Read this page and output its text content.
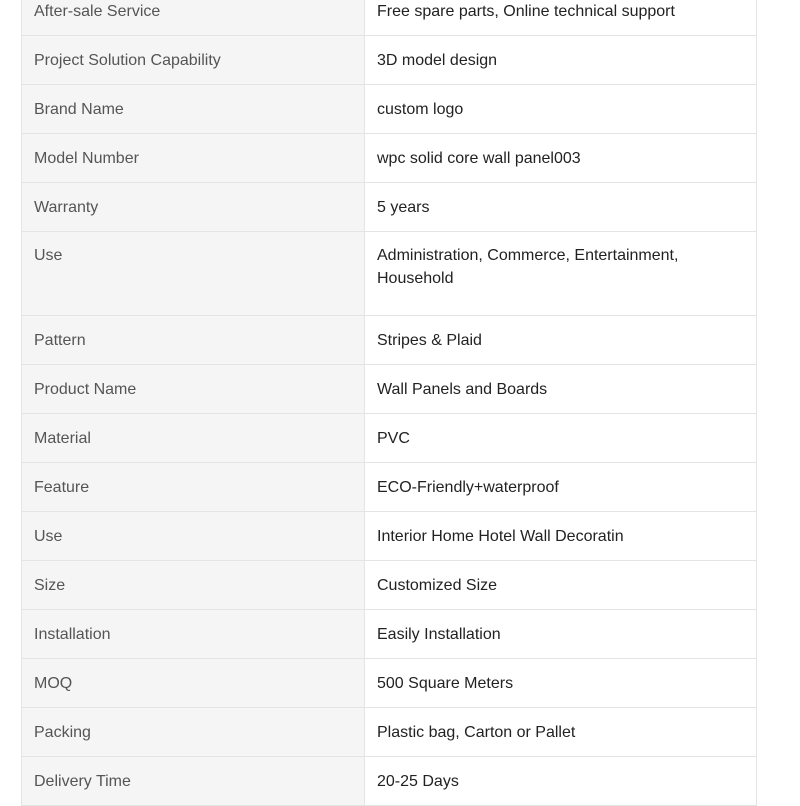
After-sale Service	Free spare parts, Online technical support
Project Solution Capability	3D model design
Brand Name	custom logo
Model Number	wpc solid core wall panel003
Warranty	5 years
Use	Administration, Commerce, Entertainment, Household
Pattern	Stripes & Plaid
Product Name	Wall Panels and Boards
Material	PVC
Feature	ECO-Friendly+waterproof
Use	Interior Home Hotel Wall Decoratin
Size	Customized Size
Installation	Easily Installation
MOQ	500 Square Meters
Packing	Plastic bag, Carton or Pallet
Delivery Time	20-25 Days
